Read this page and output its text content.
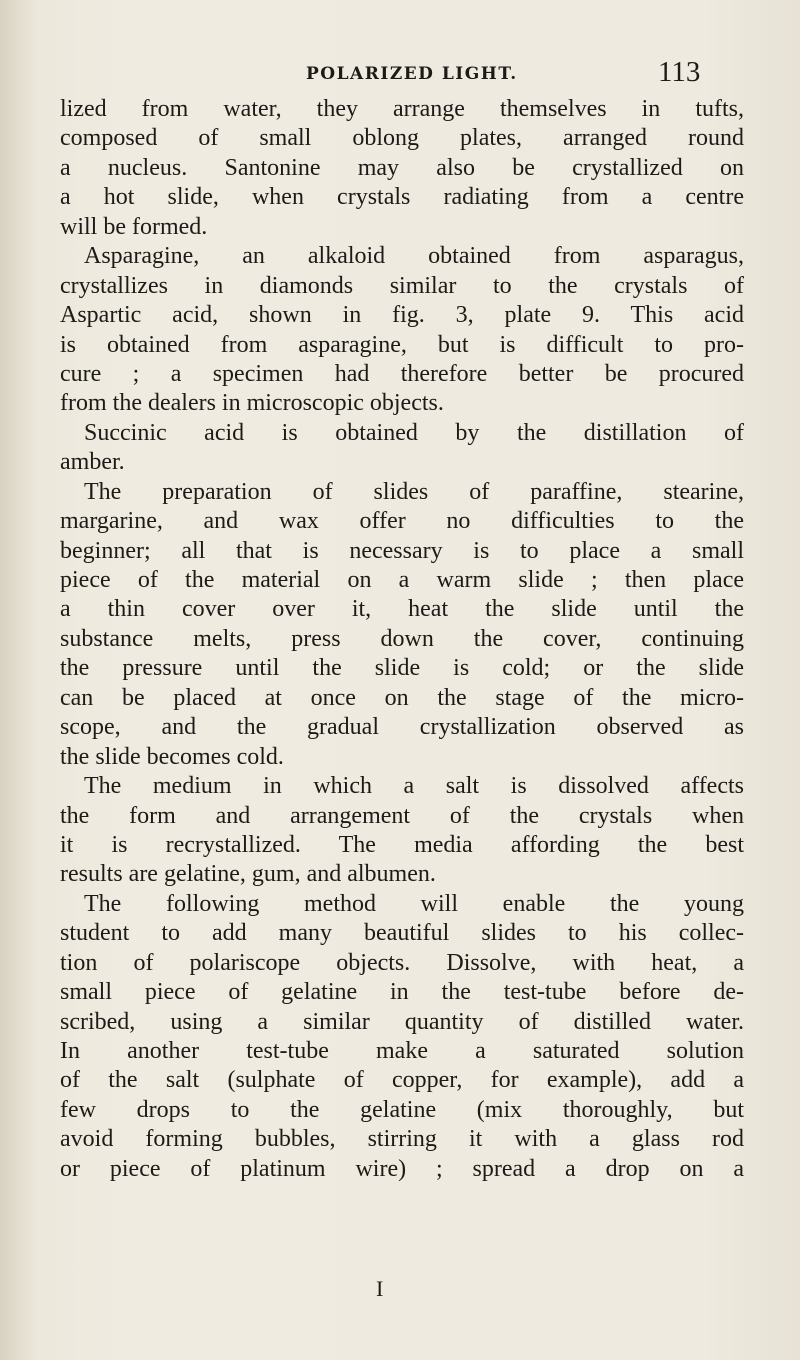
POLARIZED LIGHT.	113
lized from water, they arrange themselves in tufts,
composed of small oblong plates, arranged round
a nucleus. Santonine may also be crystallized on
a hot slide, when crystals radiating from a centre
will be formed.
Asparagine, an alkaloid obtained from asparagus,
crystallizes in diamonds similar to the crystals of
Aspartic acid, shown in fig. 3, plate 9. This acid
is obtained from asparagine, but is difficult to pro-
cure ; a specimen had therefore better be procured
from the dealers in microscopic objects.
Succinic acid is obtained by the distillation of
amber.
The preparation of slides of paraffine, stearine,
margarine, and wax offer no difficulties to the
beginner; all that is necessary is to place a small
piece of the material on a warm slide ; then place
a thin cover over it, heat the slide until the
substance melts, press down the cover, continuing
the pressure until the slide is cold; or the slide
can be placed at once on the stage of the micro-
scope, and the gradual crystallization observed as
the slide becomes cold.
The medium in which a salt is dissolved affects
the form and arrangement of the crystals when
it is recrystallized. The media affording the best
results are gelatine, gum, and albumen.
The following method will enable the young
student to add many beautiful slides to his collec-
tion of polariscope objects. Dissolve, with heat, a
small piece of gelatine in the test-tube before de-
scribed, using a similar quantity of distilled water.
In another test-tube make a saturated solution
of the salt (sulphate of copper, for example), add a
few drops to the gelatine (mix thoroughly, but
avoid forming bubbles, stirring it with a glass rod
or piece of platinum wire) ; spread a drop on a
I
